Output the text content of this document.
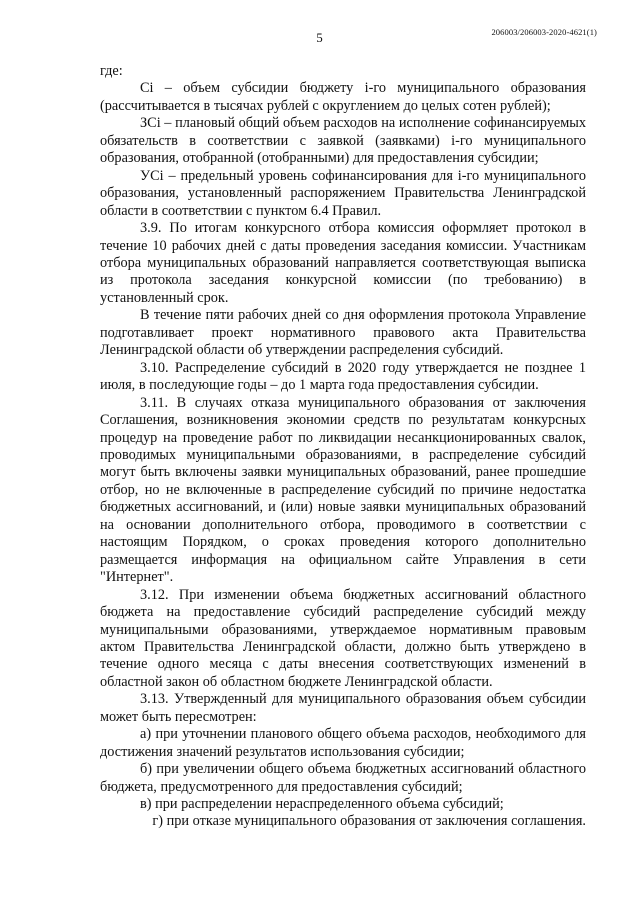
5	206003/206003-2020-4621(1)

где:

Сi – объем субсидии бюджету i-го муниципального образования (рассчитывается в тысячах рублей с округлением до целых сотен рублей);

ЗСi – плановый общий объем расходов на исполнение софинансируемых обязательств в соответствии с заявкой (заявками) i-го муниципального образования, отобранной (отобранными) для предоставления субсидии;

УСi – предельный уровень софинансирования для i-го муниципального образования, установленный распоряжением Правительства Ленинградской области в соответствии с пунктом 6.4 Правил.

3.9. По итогам конкурсного отбора комиссия оформляет протокол в течение 10 рабочих дней с даты проведения заседания комиссии. Участникам отбора муниципальных образований направляется соответствующая выписка из протокола заседания конкурсной комиссии (по требованию) в установленный срок.

В течение пяти рабочих дней со дня оформления протокола Управление подготавливает проект нормативного правового акта Правительства Ленинградской области об утверждении распределения субсидий.

3.10. Распределение субсидий в 2020 году утверждается не позднее 1 июля, в последующие годы – до 1 марта года предоставления субсидии.

3.11. В случаях отказа муниципального образования от заключения Соглашения, возникновения экономии средств по результатам конкурсных процедур на проведение работ по ликвидации несанкционированных свалок, проводимых муниципальными образованиями, в распределение субсидий могут быть включены заявки муниципальных образований, ранее прошедшие отбор, но не включенные в распределение субсидий по причине недостатка бюджетных ассигнований, и (или) новые заявки муниципальных образований на основании дополнительного отбора, проводимого в соответствии с настоящим Порядком, о сроках проведения которого дополнительно размещается информация на официальном сайте Управления в сети "Интернет".

3.12. При изменении объема бюджетных ассигнований областного бюджета на предоставление субсидий распределение субсидий между муниципальными образованиями, утверждаемое нормативным правовым актом Правительства Ленинградской области, должно быть утверждено в течение одного месяца с даты внесения соответствующих изменений в областной закон об областном бюджете Ленинградской области.

3.13. Утвержденный для муниципального образования объем субсидии может быть пересмотрен:

а) при уточнении планового общего объема расходов, необходимого для достижения значений результатов использования субсидии;

б) при увеличении общего объема бюджетных ассигнований областного бюджета, предусмотренного для предоставления субсидий;

в) при распределении нераспределенного объема субсидий;

г) при отказе муниципального образования от заключения соглашения.
